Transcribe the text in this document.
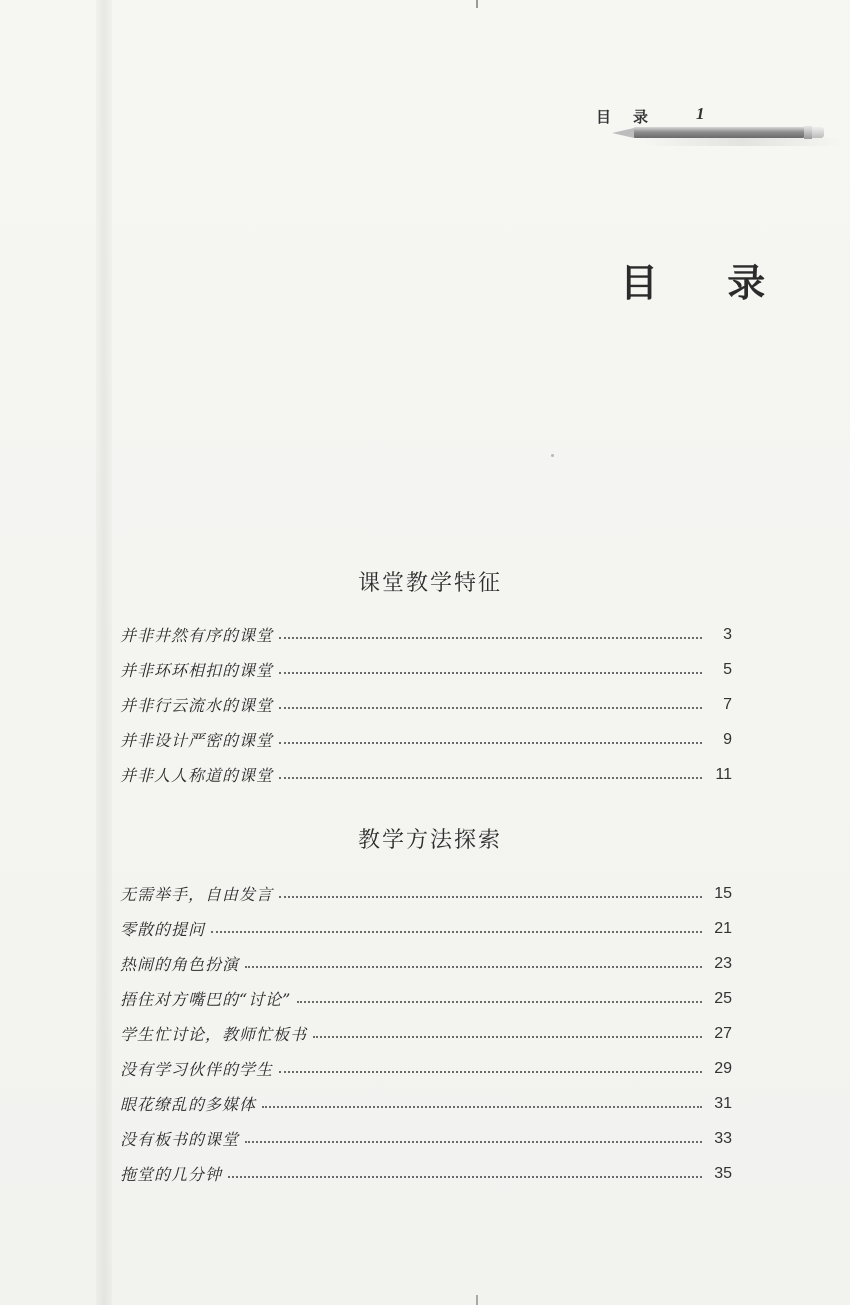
目录 1
目 录
课堂教学特征
并非井然有序的课堂	3
并非环环相扣的课堂	5
并非行云流水的课堂	7
并非设计严密的课堂	9
并非人人称道的课堂	11
教学方法探索
无需举手，自由发言	15
零散的提问	21
热闹的角色扮演	23
捂住对方嘴巴的“讨论”	25
学生忙讨论，教师忙板书	27
没有学习伙伴的学生	29
眼花缭乱的多媒体	31
没有板书的课堂	33
拖堂的几分钟	35
